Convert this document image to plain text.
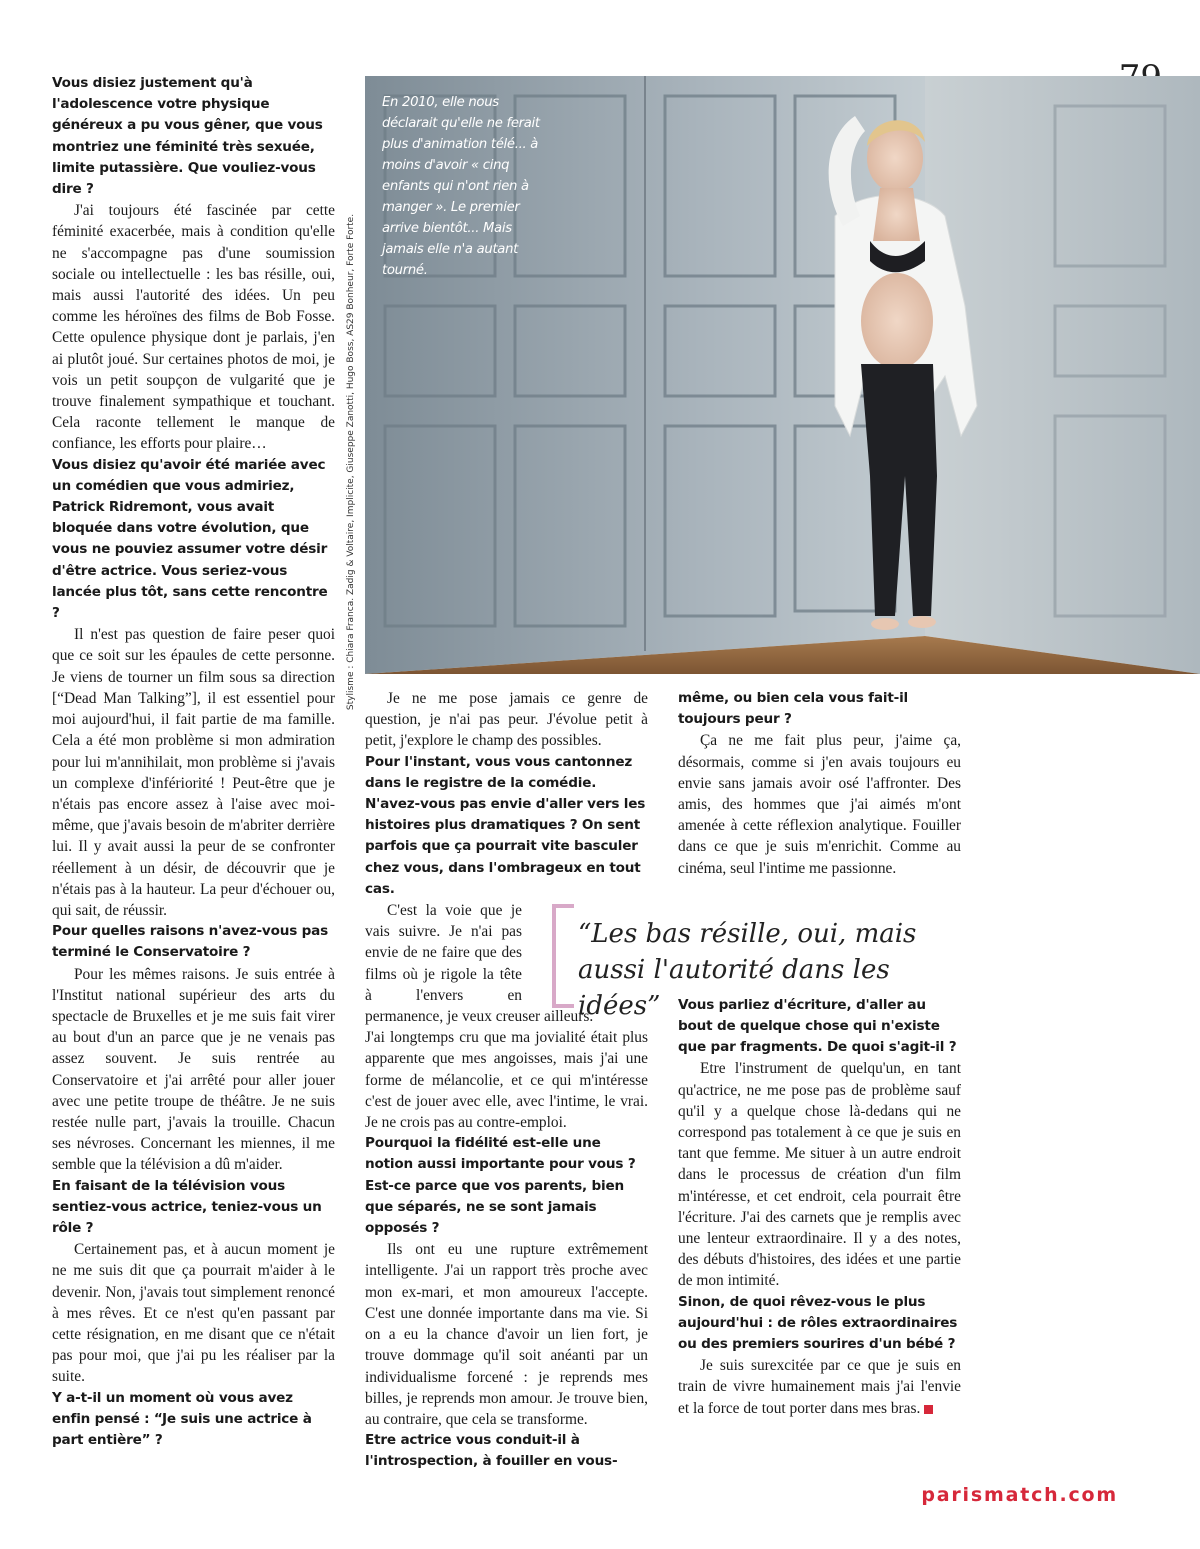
Stylisme : Chiara Franca. Zadig & Voltaire, Implicite, Giuseppe Zanotti, Hugo Boss, AS29 Bonheur, Forte Forte.
En 2010, elle nous déclarait qu'elle ne ferait plus d'animation télé... à moins d'avoir « cinq enfants qui n'ont rien à manger ». Le premier arrive bientôt... Mais jamais elle n'a autant tourné.

Vous disiez justement qu'à l'adolescence votre physique généreux a pu vous gêner, que vous montriez une féminité très sexuée, limite putassière. Que vouliez-vous dire ?

J'ai toujours été fascinée par cette féminité exacerbée, mais à condition qu'elle ne s'accompagne pas d'une soumission sociale ou intellectuelle : les bas résille, oui, mais aussi l'autorité des idées. Un peu comme les héroïnes des films de Bob Fosse. Cette opulence physique dont je parlais, j'en ai plutôt joué. Sur certaines photos de moi, je vois un petit soupçon de vulgarité que je trouve finalement sympathique et touchant. Cela raconte tellement le manque de confiance, les efforts pour plaire…

Vous disiez qu'avoir été mariée avec un comédien que vous admiriez, Patrick Ridremont, vous avait bloquée dans votre évolution, que vous ne pouviez assumer votre désir d'être actrice. Vous seriez-vous lancée plus tôt, sans cette rencontre ?

Il n'est pas question de faire peser quoi que ce soit sur les épaules de cette personne. Je viens de tourner un film sous sa direction [“Dead Man Talking”], il est essentiel pour moi aujourd'hui, il fait partie de ma famille. Cela a été mon problème si mon admiration pour lui m'annihilait, mon problème si j'avais un complexe d'infériorité ! Peut-être que je n'étais pas encore assez à l'aise avec moi-même, que j'avais besoin de m'abriter derrière lui. Il y avait aussi la peur de se confronter réellement à un désir, de découvrir que je n'étais pas à la hauteur. La peur d'échouer ou, qui sait, de réussir.

Pour quelles raisons n'avez-vous pas terminé le Conservatoire ?

Pour les mêmes raisons. Je suis entrée à l'Institut national supérieur des arts du spectacle de Bruxelles et je me suis fait virer au bout d'un an parce que je ne venais pas assez souvent. Je suis rentrée au Conservatoire et j'ai arrêté pour aller jouer avec une petite troupe de théâtre. Je ne suis restée nulle part, j'avais la trouille. Chacun ses névroses. Concernant les miennes, il me semble que la télévision a dû m'aider.

En faisant de la télévision vous sentiez-vous actrice, teniez-vous un rôle ?

Certainement pas, et à aucun moment je ne me suis dit que ça pourrait m'aider à le devenir. Non, j'avais tout simplement renoncé à mes rêves. Et ce n'est qu'en passant par cette résignation, en me disant que ce n'était pas pour moi, que j'ai pu les réaliser par la suite.

Y a-t-il un moment où vous avez enfin pensé : “Je suis une actrice à part entière” ?

Je ne me pose jamais ce genre de question, je n'ai pas peur. J'évolue petit à petit, j'explore le champ des possibles.

Pour l'instant, vous vous cantonnez dans le registre de la comédie. N'avez-vous pas envie d'aller vers les histoires plus dramatiques ? On sent parfois que ça pourrait vite basculer chez vous, dans l'ombrageux en tout cas.

C'est la voie que je vais suivre. Je n'ai pas envie de ne faire que des films où je rigole la tête à l'envers en permanence, je veux creuser ailleurs.

J'ai longtemps cru que ma jovialité était plus apparente que mes angoisses, mais j'ai une forme de mélancolie, et ce qui m'intéresse c'est de jouer avec elle, avec l'intime, le vrai. Je ne crois pas au contre-emploi.

Pourquoi la fidélité est-elle une notion aussi importante pour vous ? Est-ce parce que vos parents, bien que séparés, ne se sont jamais opposés ?

Ils ont eu une rupture extrêmement intelligente. J'ai un rapport très proche avec mon ex-mari, et mon amoureux l'accepte. C'est une donnée importante dans ma vie. Si on a eu la chance d'avoir un lien fort, je trouve dommage qu'il soit anéanti par un individualisme forcené : je reprends mes billes, je reprends mon amour. Je trouve bien, au contraire, que cela se transforme.

Etre actrice vous conduit-il à l'introspection, à fouiller en vous-

même, ou bien cela vous fait-il toujours peur ?

Ça ne me fait plus peur, j'aime ça, désormais, comme si j'en avais toujours eu envie sans jamais avoir osé l'affronter. Des amis, des hommes que j'ai aimés m'ont amenée à cette réflexion analytique. Fouiller dans ce que je suis m'enrichit. Comme au cinéma, seul l'intime me passionne.

Vous parliez d'écriture, d'aller au bout de quelque chose qui n'existe que par fragments. De quoi s'agit-il ?

Etre l'instrument de quelqu'un, en tant qu'actrice, ne me pose pas de problème sauf qu'il y a quelque chose là-dedans qui ne correspond pas totalement à ce que je suis en tant que femme. Me situer à un autre endroit dans le processus de création d'un film m'intéresse, et cet endroit, cela pourrait être l'écriture. J'ai des carnets que je remplis avec une lenteur extraordinaire. Il y a des notes, des débuts d'histoires, des idées et une partie de mon intimité.

Sinon, de quoi rêvez-vous le plus aujourd'hui : de rôles extraordinaires ou des premiers sourires d'un bébé ?

Je suis surexcitée par ce que je suis en train de vivre humainement mais j'ai l'envie et la force de tout porter dans mes bras.

“Les bas résille, oui, mais aussi l'autorité dans les idées”
parismatch.com
